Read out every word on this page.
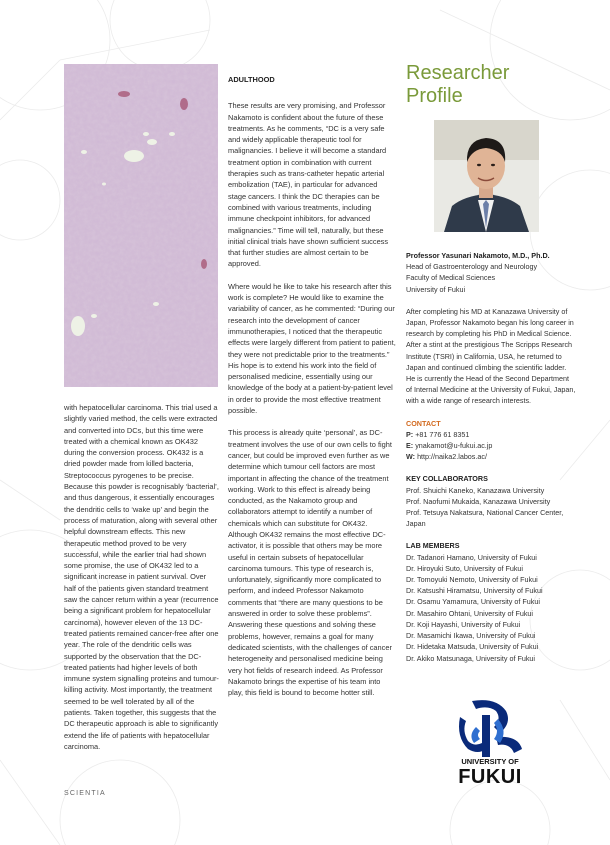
with hepatocellular carcinoma. This trial used a slightly varied method, the cells were extracted and converted into DCs, but this time were treated with a chemical known as OK432 during the conversion process. OK432 is a dried powder made from killed bacteria, Streptococcus pyrogenes to be precise. Because this powder is recognisably ‘bacterial’, and thus dangerous, it essentially encourages the dendritic cells to ‘wake up’ and begin the process of maturation, along with several other helpful downstream effects. This new therapeutic method proved to be very successful, while the earlier trial had shown some promise, the use of OK432 led to a significant increase in patient survival. Over half of the patients given standard treatment saw the cancer return within a year (recurrence being a significant problem for hepatocellular carcinoma), however eleven of the 13 DC-treated patients remained cancer-free after one year. The role of the dendritic cells was supported by the observation that the DC-treated patients had higher levels of both immune system signalling proteins and tumour-killing activity. Most importantly, the treatment seemed to be well tolerated by all of the patients. Taken together, this suggests that the DC therapeutic approach is able to significantly extend the life of patients with hepatocellular carcinoma.

ADULTHOOD

These results are very promising, and Professor Nakamoto is confident about the future of these treatments. As he comments, “DC is a very safe and widely applicable therapeutic tool for malignancies. I believe it will become a standard treatment option in combination with current therapies such as trans-catheter hepatic arterial embolization (TAE), in particular for advanced stage cancers. I think the DC therapies can be combined with various treatments, including immune checkpoint inhibitors, for advanced malignancies.” Time will tell, naturally, but these initial clinical trials have shown sufficient success that further studies are almost certain to be approved.

Where would he like to take his research after this work is complete? He would like to examine the variability of cancer, as he commented: “During our research into the development of cancer immunotherapies, I noticed that the therapeutic effects were largely different from patient to patient, they were not predictable prior to the treatments.” His hope is to extend his work into the field of personalised medicine, essentially using our knowledge of the body at a patient-by-patient level in order to provide the most effective treatment possible.

This process is already quite ‘personal’, as DC-treatment involves the use of our own cells to fight cancer, but could be improved even further as we determine which tumour cell factors are most important in affecting the chance of the treatment working. Work to this effect is already being conducted, as the Nakamoto group and collaborators attempt to identify a number of chemicals which can substitute for OK432. Although OK432 remains the most effective DC-activator, it is possible that others may be more useful in certain subsets of hepatocellular carcinoma tumours. This type of research is, unfortunately, significantly more complicated to perform, and indeed Professor Nakamoto comments that “there are many questions to be answered in order to solve these problems”. Answering these questions and solving these problems, however, remains a goal for many dedicated scientists, with the challenges of cancer heterogeneity and personalised medicine being very hot fields of research indeed. As Professor Nakamoto brings the expertise of his team into play, this field is bound to become hotter still.

Researcher
Profile
Professor Yasunari Nakamoto, M.D., Ph.D.
Head of Gastroenterology and Neurology
Faculty of Medical Sciences
University of Fukui

After completing his MD at Kanazawa University of Japan, Professor Nakamoto began his long career in research by completing his PhD in Medical Science. After a stint at the prestigious The Scripps Research Institute (TSRI) in California, USA, he returned to Japan and continued climbing the scientific ladder. He is currently the Head of the Second Department of Internal Medicine at the University of Fukui, Japan, with a wide range of research interests.

CONTACT
P: +81 776 61 8351
E: ynakamot@u-fukui.ac.jp
W: http://naika2.labos.ac/
KEY COLLABORATORS
Prof. Shuichi Kaneko, Kanazawa University
Prof. Naofumi Mukaida, Kanazawa University
Prof. Tetsuya Nakatsura, National Cancer Center,
Japan
LAB MEMBERS
Dr. Tadanori Hamano, University of Fukui
Dr. Hiroyuki Suto, University of Fukui
Dr. Tomoyuki Nemoto, University of Fukui
Dr. Katsushi Hiramatsu, University of Fukui
Dr. Osamu Yamamura, University of Fukui
Dr. Masahiro Ohtani, University of Fukui
Dr. Koji Hayashi, University of Fukui
Dr. Masamichi Ikawa, University of Fukui
Dr. Hidetaka Matsuda, University of Fukui
Dr. Akiko Matsunaga, University of Fukui
UNIVERSITY OF
FUKUI
SCIENTIA
